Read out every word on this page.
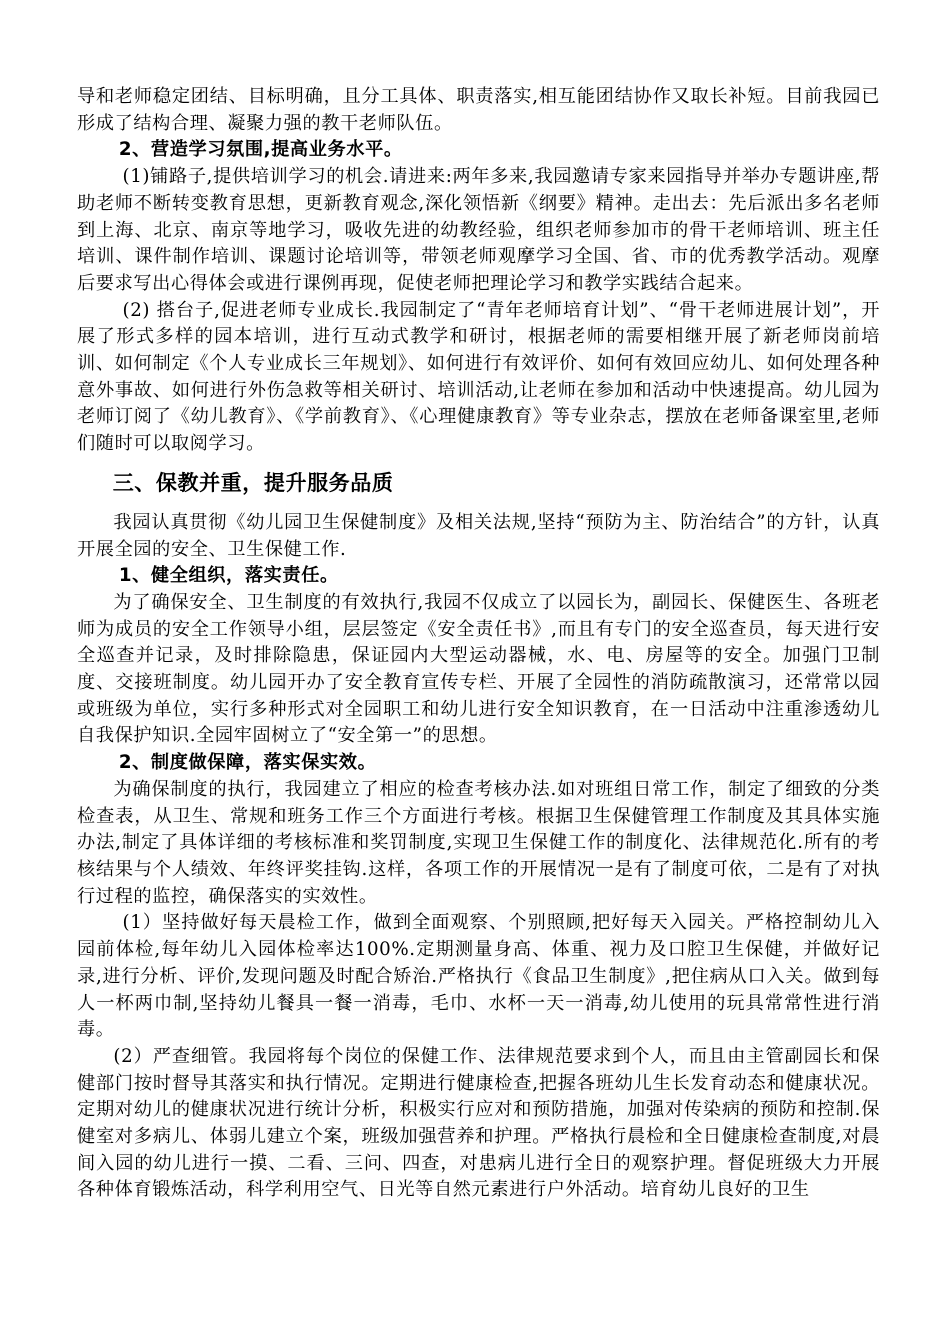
导和老师稳定团结、目标明确，且分工具体、职责落实,相互能团结协作又取长补短。目前我园已形成了结构合理、凝聚力强的教干老师队伍。

2、营造学习氛围,提高业务水平。

(1)铺路子,提供培训学习的机会.请进来:两年多来,我园邀请专家来园指导并举办专题讲座,帮助老师不断转变教育思想，更新教育观念,深化领悟新《纲要》精神。走出去：先后派出多名老师到上海、北京、南京等地学习，吸收先进的幼教经验，组织老师参加市的骨干老师培训、班主任培训、课件制作培训、课题讨论培训等，带领老师观摩学习全国、省、市的优秀教学活动。观摩后要求写出心得体会或进行课例再现，促使老师把理论学习和教学实践结合起来。

(2) 搭台子,促进老师专业成长.我园制定了“青年老师培育计划”、“骨干老师进展计划”，开展了形式多样的园本培训，进行互动式教学和研讨，根据老师的需要相继开展了新老师岗前培训、如何制定《个人专业成长三年规划》、如何进行有效评价、如何有效回应幼儿、如何处理各种意外事故、如何进行外伤急救等相关研讨、培训活动,让老师在参加和活动中快速提高。幼儿园为老师订阅了《幼儿教育》、《学前教育》、《心理健康教育》等专业杂志，摆放在老师备课室里,老师们随时可以取阅学习。

三、保教并重，提升服务品质

我园认真贯彻《幼儿园卫生保健制度》及相关法规,坚持“预防为主、防治结合”的方针，认真开展全园的安全、卫生保健工作.

1、健全组织，落实责任。

为了确保安全、卫生制度的有效执行,我园不仅成立了以园长为，副园长、保健医生、各班老师为成员的安全工作领导小组，层层签定《安全责任书》,而且有专门的安全巡查员，每天进行安全巡查并记录，及时排除隐患，保证园内大型运动器械，水、电、房屋等的安全。加强门卫制度、交接班制度。幼儿园开办了安全教育宣传专栏、开展了全园性的消防疏散演习，还常常以园或班级为单位，实行多种形式对全园职工和幼儿进行安全知识教育，在一日活动中注重渗透幼儿自我保护知识.全园牢固树立了“安全第一”的思想。

2、制度做保障，落实保实效。

为确保制度的执行，我园建立了相应的检查考核办法.如对班组日常工作，制定了细致的分类检查表，从卫生、常规和班务工作三个方面进行考核。根据卫生保健管理工作制度及其具体实施办法,制定了具体详细的考核标准和奖罚制度,实现卫生保健工作的制度化、法律规范化.所有的考核结果与个人绩效、年终评奖挂钩.这样，各项工作的开展情况一是有了制度可依，二是有了对执行过程的监控，确保落实的实效性。

(1）坚持做好每天晨检工作，做到全面观察、个别照顾,把好每天入园关。严格控制幼儿入园前体检,每年幼儿入园体检率达100%.定期测量身高、体重、视力及口腔卫生保健，并做好记录,进行分析、评价,发现问题及时配合矫治.严格执行《食品卫生制度》,把住病从口入关。做到每人一杯两巾制,坚持幼儿餐具一餐一消毒，毛巾、水杯一天一消毒,幼儿使用的玩具常常性进行消毒。

(2）严查细管。我园将每个岗位的保健工作、法律规范要求到个人，而且由主管副园长和保健部门按时督导其落实和执行情况。定期进行健康检查,把握各班幼儿生长发育动态和健康状况。定期对幼儿的健康状况进行统计分析，积极实行应对和预防措施，加强对传染病的预防和控制.保健室对多病儿、体弱儿建立个案，班级加强营养和护理。严格执行晨检和全日健康检查制度,对晨间入园的幼儿进行一摸、二看、三问、四查，对患病儿进行全日的观察护理。督促班级大力开展各种体育锻炼活动，科学利用空气、日光等自然元素进行户外活动。培育幼儿良好的卫生
